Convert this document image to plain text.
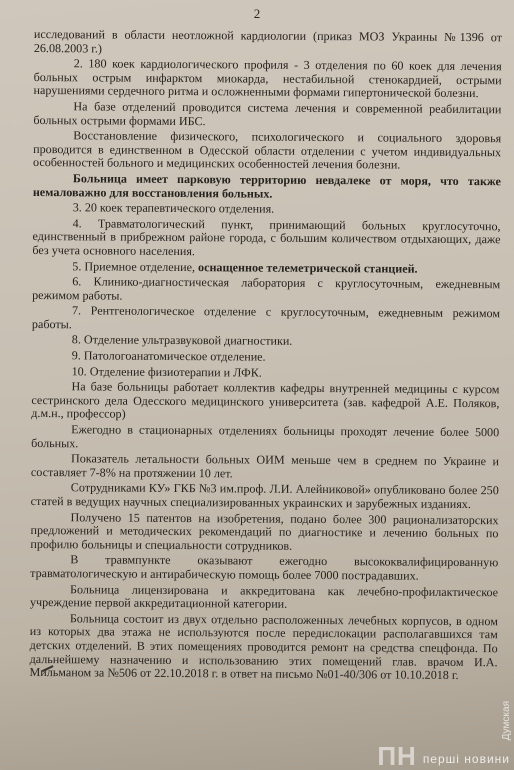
2

исследований в области неотложной кардиологии (приказ МОЗ Украины №1396 от 26.08.2003 г.)

2. 180 коек кардиологического профиля - 3 отделения по 60 коек для лечения больных острым инфарктом миокарда, нестабильной стенокардией, острыми нарушениями сердечного ритма и осложненными формами гипертонической болезни.

На базе отделений проводится система лечения и современной реабилитации больных острыми формами ИБС.

Восстановление физического, психологического и социального здоровья проводится в единственном в Одесской области отделении с учетом индивидуальных особенностей больного и медицинских особенностей лечения болезни.

Больница имеет парковую территорию невдалеке от моря, что также немаловажно для восстановления больных.

3. 20 коек терапевтического отделения.

4. Травматологический пункт, принимающий больных круглосуточно, единственный в прибрежном районе города, с большим количеством отдыхающих, даже без учета основного населения.

5. Приемное отделение, оснащенное телеметрической станцией.

6. Клинико-диагностическая лаборатория с круглосуточным, ежедневным режимом работы.

7. Рентгенологическое отделение с круглосуточным, ежедневным режимом работы.

8. Отделение ультразвуковой диагностики.

9. Патологоанатомическое отделение.

10. Отделение физиотерапии и ЛФК.

На базе больницы работает коллектив кафедры внутренней медицины с курсом сестринского дела Одесского медицинского университета (зав. кафедрой А.Е. Поляков, д.м.н., профессор)

Ежегодно в стационарных отделениях больницы проходят лечение более 5000 больных.

Показатель летальности больных ОИМ меньше чем в среднем по Украине и составляет 7-8% на протяжении 10 лет.

Сотрудниками КУ» ГКБ №3 им.проф. Л.И. Алейниковой» опубликовано более 250 статей в ведущих научных специализированных украинских и зарубежных изданиях.

Получено 15 патентов на изобретения, подано более 300 рационализаторских предложений и методических рекомендаций по диагностике и лечению больных по профилю больницы и специальности сотрудников.

В травмпункте оказывают ежегодно высококвалифицированную травматологическую и антирабическую помощь более 7000 пострадавших.

Больница лицензирована и аккредитована как лечебно-профилактическое учреждение первой аккредитационной категории.

Больница состоит из двух отдельно расположенных лечебных корпусов, в одном из которых два этажа не используются после передислокации располагавшихся там детских отделений. В этих помещениях проводится ремонт на средства спецфонда. По дальнейшему назначению и использованию этих помещений глав. врачом И.А. Мильманом за №506 от 22.10.2018 г. в ответ на письмо №01-40/306 от 10.10.2018 г.

Думская
ПН перші новини
